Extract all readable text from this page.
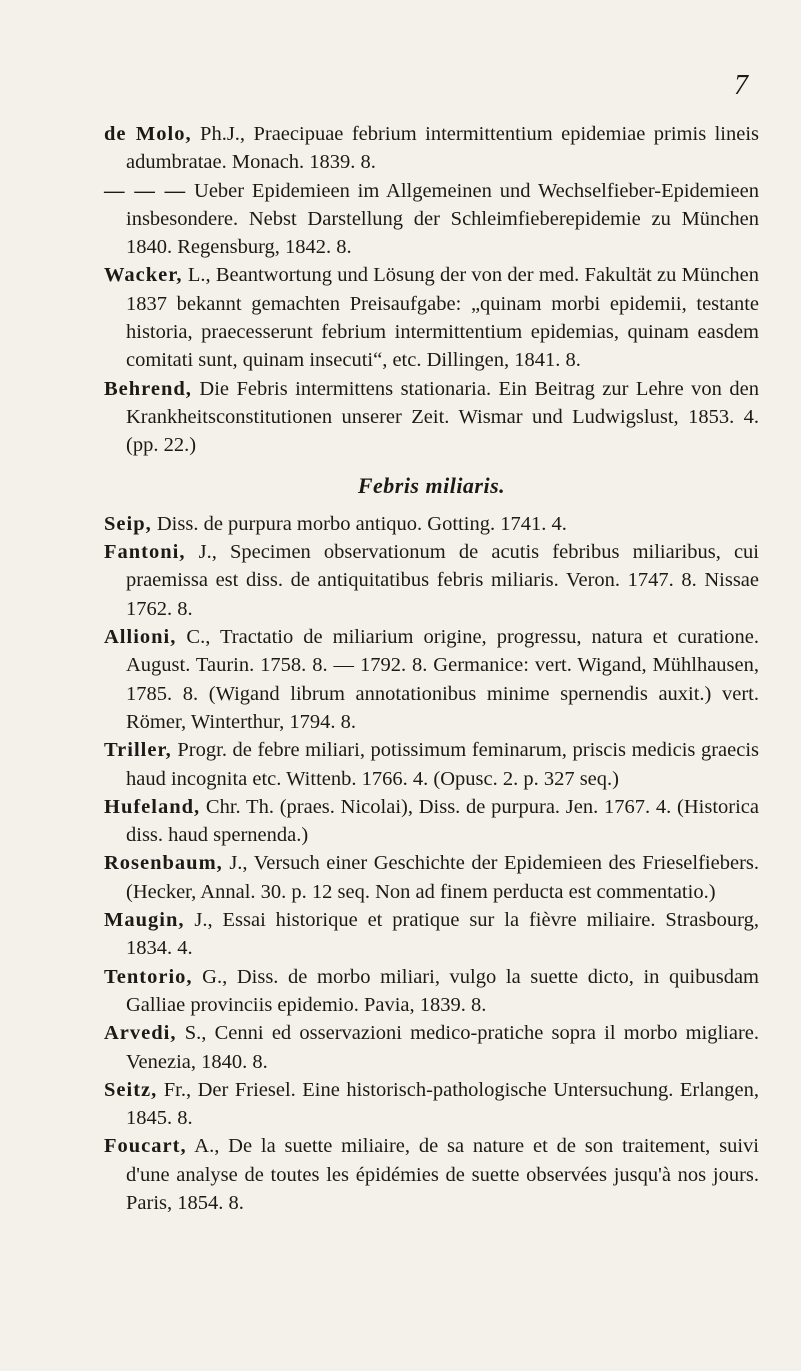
7

de Molo, Ph.J., Praecipuae febrium intermittentium epidemiae primis lineis adumbratae. Monach. 1839. 8.

— — — Ueber Epidemieen im Allgemeinen und Wechselfieber-Epidemieen insbesondere. Nebst Darstellung der Schleimfieberepidemie zu München 1840. Regensburg, 1842. 8.

Wacker, L., Beantwortung und Lösung der von der med. Fakultät zu München 1837 bekannt gemachten Preisaufgabe: „quinam morbi epidemii, testante historia, praecesserunt febrium intermittentium epidemias, quinam easdem comitati sunt, quinam insecuti“, etc. Dillingen, 1841. 8.

Behrend, Die Febris intermittens stationaria. Ein Beitrag zur Lehre von den Krankheitsconstitutionen unserer Zeit. Wismar und Ludwigslust, 1853. 4. (pp. 22.)

Febris miliaris.

Seip, Diss. de purpura morbo antiquo. Gotting. 1741. 4.

Fantoni, J., Specimen observationum de acutis febribus miliaribus, cui praemissa est diss. de antiquitatibus febris miliaris. Veron. 1747. 8. Nissae 1762. 8.

Allioni, C., Tractatio de miliarium origine, progressu, natura et curatione. August. Taurin. 1758. 8. — 1792. 8. Germanice: vert. Wigand, Mühlhausen, 1785. 8. (Wigand librum annotationibus minime spernendis auxit.) vert. Römer, Winterthur, 1794. 8.

Triller, Progr. de febre miliari, potissimum feminarum, priscis medicis graecis haud incognita etc. Wittenb. 1766. 4. (Opusc. 2. p. 327 seq.)

Hufeland, Chr. Th. (praes. Nicolai), Diss. de purpura. Jen. 1767. 4. (Historica diss. haud spernenda.)

Rosenbaum, J., Versuch einer Geschichte der Epidemieen des Frieselfiebers. (Hecker, Annal. 30. p. 12 seq. Non ad finem perducta est commentatio.)

Maugin, J., Essai historique et pratique sur la fièvre miliaire. Strasbourg, 1834. 4.

Tentorio, G., Diss. de morbo miliari, vulgo la suette dicto, in quibusdam Galliae provinciis epidemio. Pavia, 1839. 8.

Arvedi, S., Cenni ed osservazioni medico-pratiche sopra il morbo migliare. Venezia, 1840. 8.

Seitz, Fr., Der Friesel. Eine historisch-pathologische Untersuchung. Erlangen, 1845. 8.

Foucart, A., De la suette miliaire, de sa nature et de son traitement, suivi d'une analyse de toutes les épidémies de suette observées jusqu'à nos jours. Paris, 1854. 8.
